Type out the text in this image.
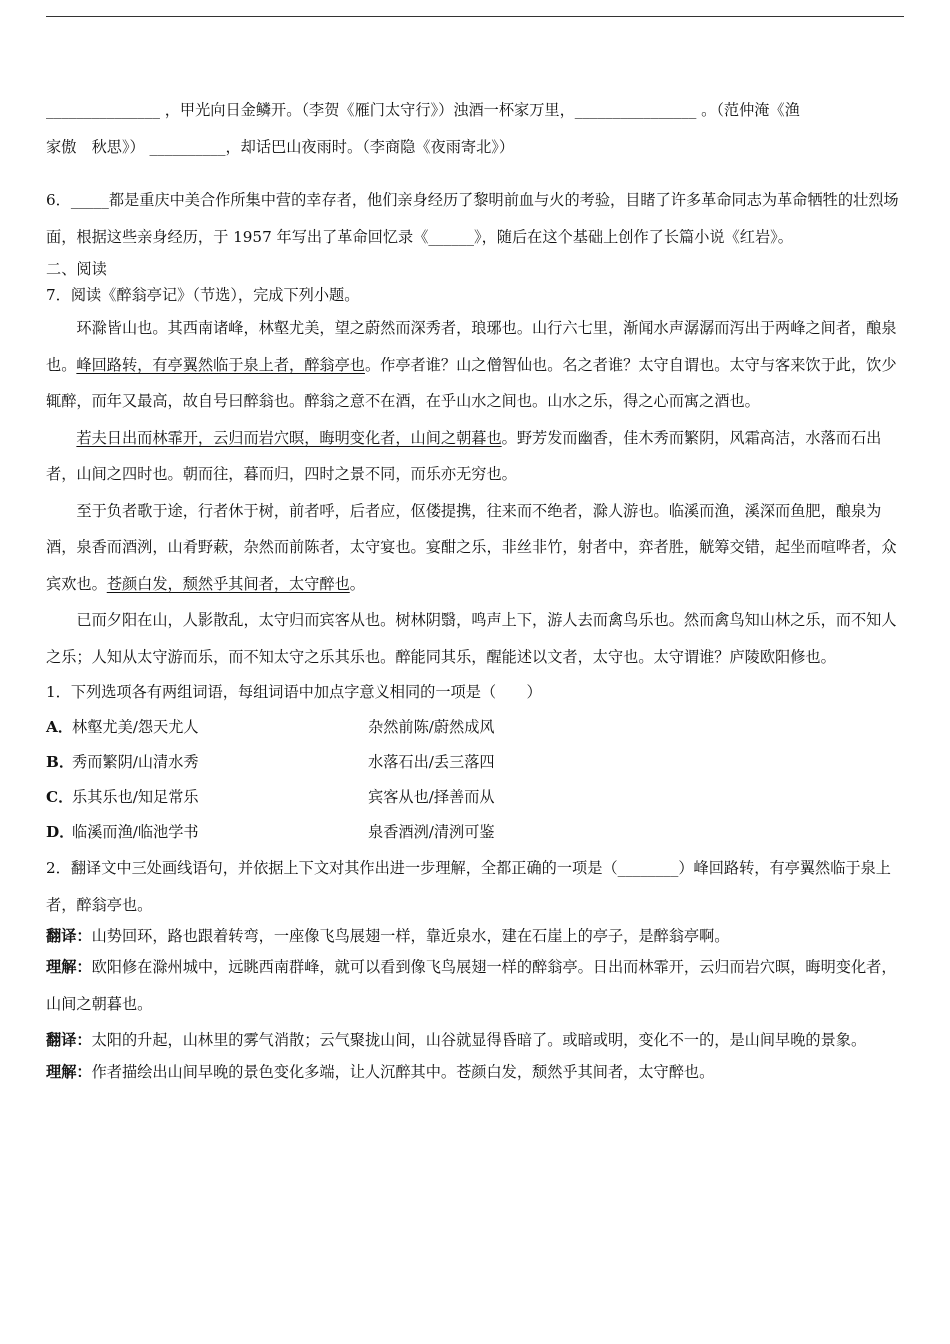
_______________ ，甲光向日金鳞开。（李贺《雁门太守行》）浊酒一杯家万里，________________ 。（范仲淹《渔

家傲　秋思》） __________，却话巴山夜雨时。（李商隐《夜雨寄北》）

6．_____都是重庆中美合作所集中营的幸存者，他们亲身经历了黎明前血与火的考验，目睹了许多革命同志为革命牺牲的壮烈场面，根据这些亲身经历，于 1957 年写出了革命回忆录《______》，随后在这个基础上创作了长篇小说《红岩》。

二、阅读

7．阅读《醉翁亭记》（节选），完成下列小题。

环滁皆山也。其西南诸峰，林壑尤美，望之蔚然而深秀者，琅琊也。山行六七里，渐闻水声潺潺而泻出于两峰之间者，酿泉也。峰回路转，有亭翼然临于泉上者，醉翁亭也。作亭者谁？山之僧智仙也。名之者谁？太守自谓也。太守与客来饮于此，饮少辄醉，而年又最高，故自号曰醉翁也。醉翁之意不在酒，在乎山水之间也。山水之乐，得之心而寓之酒也。

若夫日出而林霏开，云归而岩穴暝，晦明变化者，山间之朝暮也。野芳发而幽香，佳木秀而繁阴，风霜高洁，水落而石出者，山间之四时也。朝而往，暮而归，四时之景不同，而乐亦无穷也。

至于负者歌于途，行者休于树，前者呼，后者应，伛偻提携，往来而不绝者，滁人游也。临溪而渔，溪深而鱼肥，酿泉为酒，泉香而酒洌，山肴野蔌，杂然而前陈者，太守宴也。宴酣之乐，非丝非竹，射者中，弈者胜，觥筹交错，起坐而喧哗者，众宾欢也。苍颜白发，颓然乎其间者，太守醉也。

已而夕阳在山，人影散乱，太守归而宾客从也。树林阴翳，鸣声上下，游人去而禽鸟乐也。然而禽鸟知山林之乐，而不知人之乐；人知从太守游而乐，而不知太守之乐其乐也。醉能同其乐，醒能述以文者，太守也。太守谓谁？庐陵欧阳修也。

1．下列选项各有两组词语，每组词语中加点字意义相同的一项是（　　）

A．林壑尤美/怨天尤人	杂然前陈/蔚然成风
B．秀而繁阴/山清水秀	水落石出/丢三落四
C．乐其乐也/知足常乐	宾客从也/择善而从
D．临溪而渔/临池学书	泉香酒洌/清洌可鉴

2．翻译文中三处画线语句，并依据上下文对其作出进一步理解，全都正确的一项是（________）峰回路转，有亭翼然临于泉上者，醉翁亭也。

翻译：山势回环，路也跟着转弯，一座像飞鸟展翅一样，靠近泉水，建在石崖上的亭子，是醉翁亭啊。

理解：欧阳修在滁州城中，远眺西南群峰，就可以看到像飞鸟展翅一样的醉翁亭。日出而林霏开，云归而岩穴暝，晦明变化者，山间之朝暮也。

翻译：太阳的升起，山林里的雾气消散；云气聚拢山间，山谷就显得昏暗了。或暗或明，变化不一的，是山间早晚的景象。

理解：作者描绘出山间早晚的景色变化多端，让人沉醉其中。苍颜白发，颓然乎其间者，太守醉也。
